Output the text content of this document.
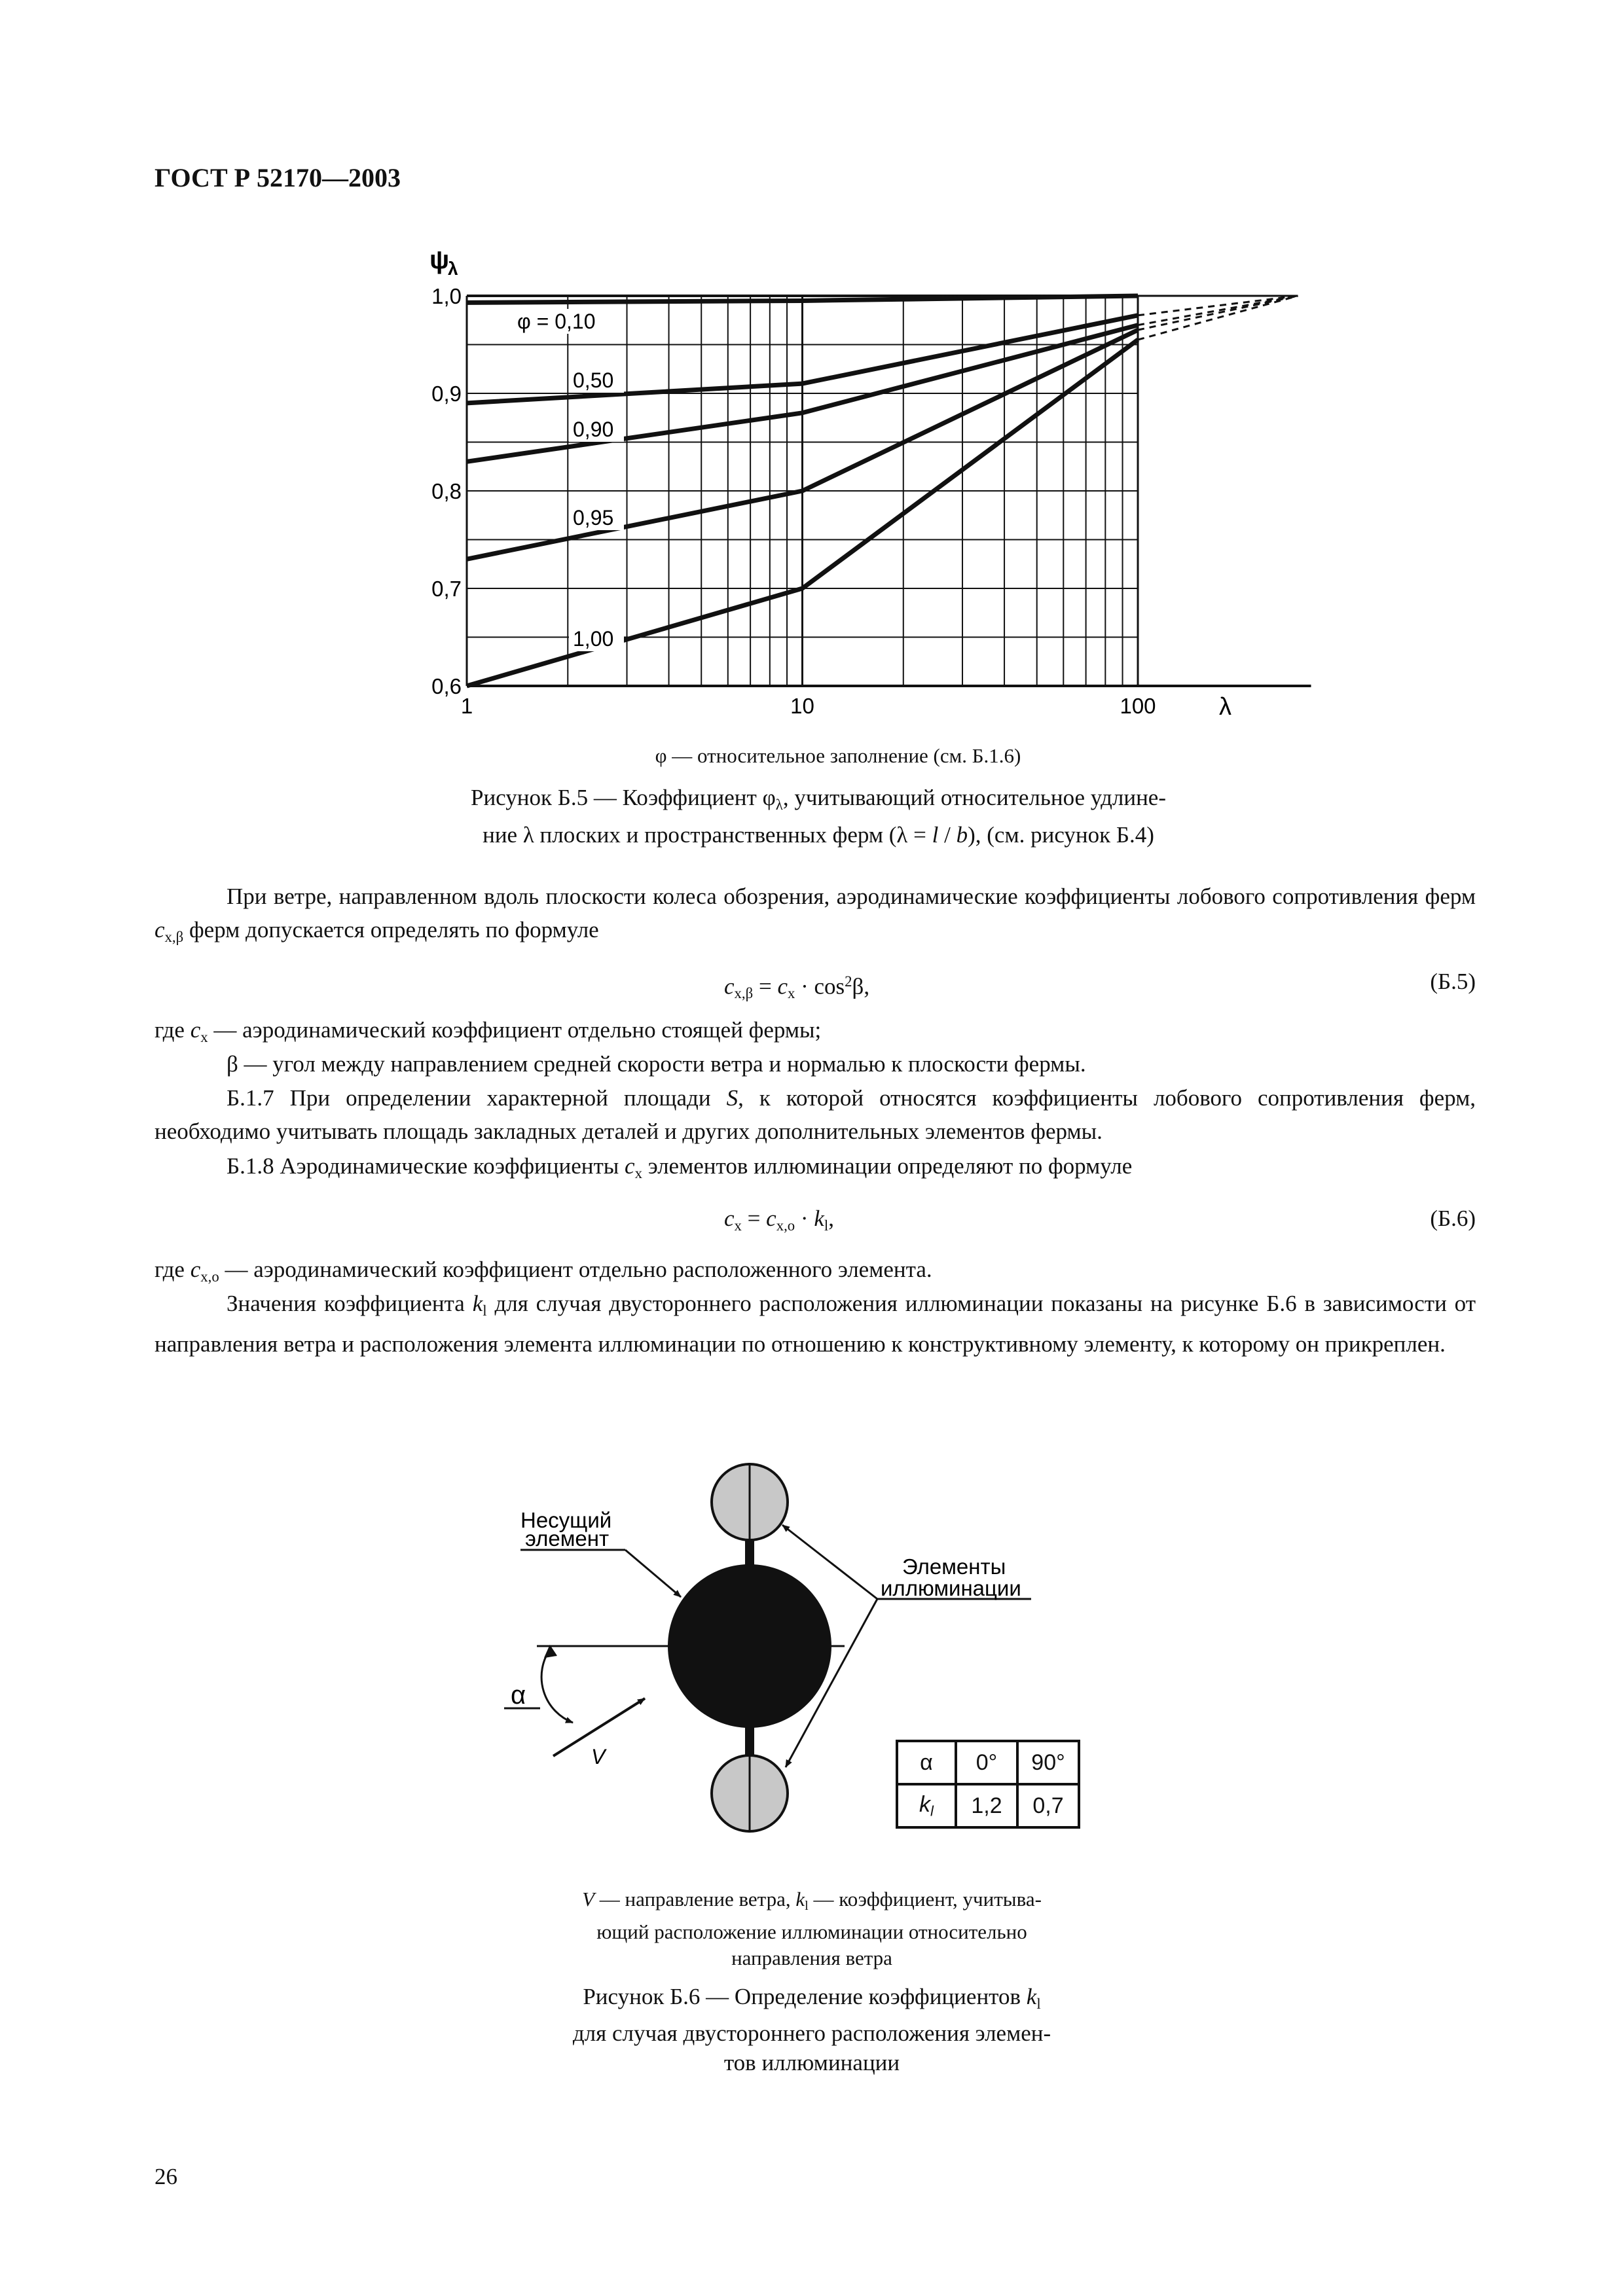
ГОСТ Р 52170—2003
1	10	100
1,0
0,9
0,8
0,7
0,6
φ = 0,10
0,50
0,90
0,95
1,00
ψ
λ
λ
φ — относительное заполнение (см. Б.1.6)
Рисунок Б.5 — Коэффициент $\varphi_\lambda$, учитывающий относительное удлине-
ние λ плоских и пространственных ферм (λ = l / b), (см. рисунок Б.4)
При ветре, направленном вдоль плоскости колеса обозрения, аэродинамические коэффициенты лобового сопротивления ферм $c_{x,\beta}$ ферм допускается определять по формуле
$c_{x,\beta} = c_x \cdot \cos^2\beta$,	(Б.5)
где $c_x$ — аэродинамический коэффициент отдельно стоящей фермы;
β — угол между направлением средней скорости ветра и нормалью к плоскости фермы.
Б.1.7 При определении характерной площади S, к которой относятся коэффициенты лобового сопротивления ферм, необходимо учитывать площадь закладных деталей и других дополнительных элементов фермы.
Б.1.8 Аэродинамические коэффициенты $c_x$ элементов иллюминации определяют по формуле
$c_x = c_{x,o} \cdot k_l$,	(Б.6)
где $c_{x,o}$ — аэродинамический коэффициент отдельно расположенного элемента.
Значения коэффициента $k_l$ для случая двустороннего расположения иллюминации показаны на рисунке Б.6 в зависимости от направления ветра и расположения элемента иллюминации по отношению к конструктивному элементу, к которому он прикреплен.
Несущий
элемент
Элементы
иллюминации
α
V	α	0°	90°
$k_l$	1,2	0,7
V — направление ветра, $k_l$ — коэффициент, учитыва-
ющий расположение иллюминации относительно
направления ветра
Рисунок Б.6 — Определение коэффициентов $k_l$
для случая двустороннего расположения элемен-
тов иллюминации
26
